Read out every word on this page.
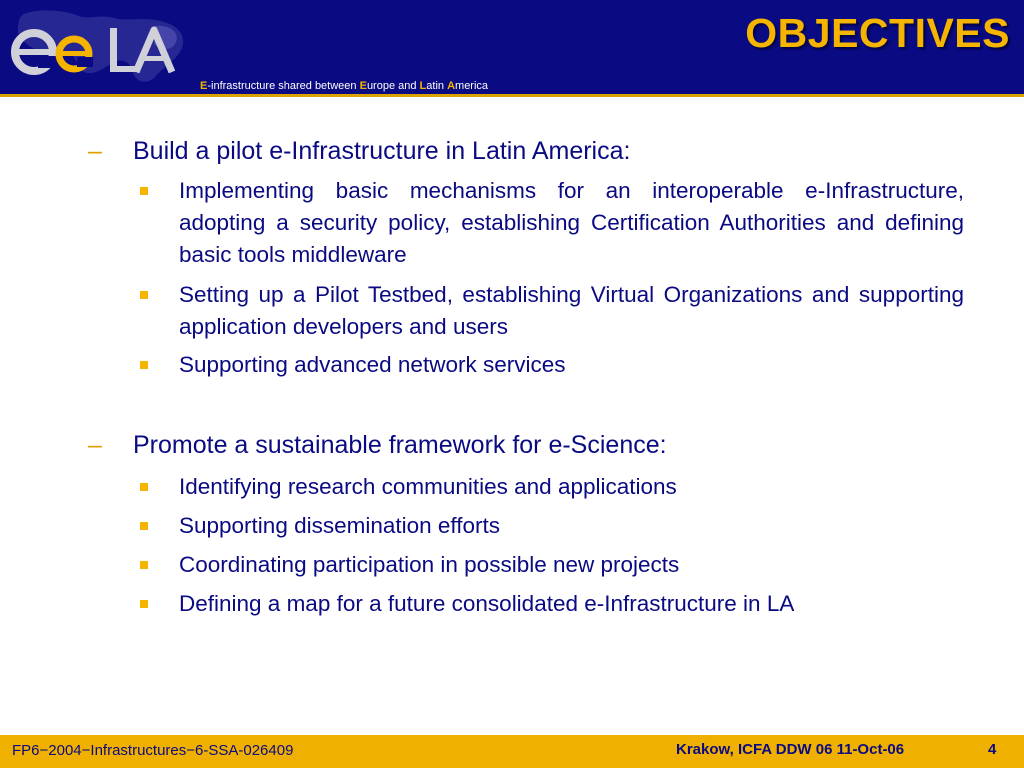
OBJECTIVES
E-infrastructure shared between Europe and Latin America
– Build a pilot e-Infrastructure in Latin America:
Implementing basic mechanisms for an interoperable e-Infrastructure, adopting a security policy, establishing Certification Authorities and defining basic tools middleware
Setting up a Pilot Testbed, establishing Virtual Organizations and supporting application developers and users
Supporting advanced network services
– Promote a sustainable framework for e-Science:
Identifying research communities and applications
Supporting dissemination efforts
Coordinating participation in possible new projects
Defining a map for a future consolidated e-Infrastructure in LA
FP6−2004−Infrastructures−6-SSA-026409	Krakow, ICFA DDW 06 11-Oct-06	4
